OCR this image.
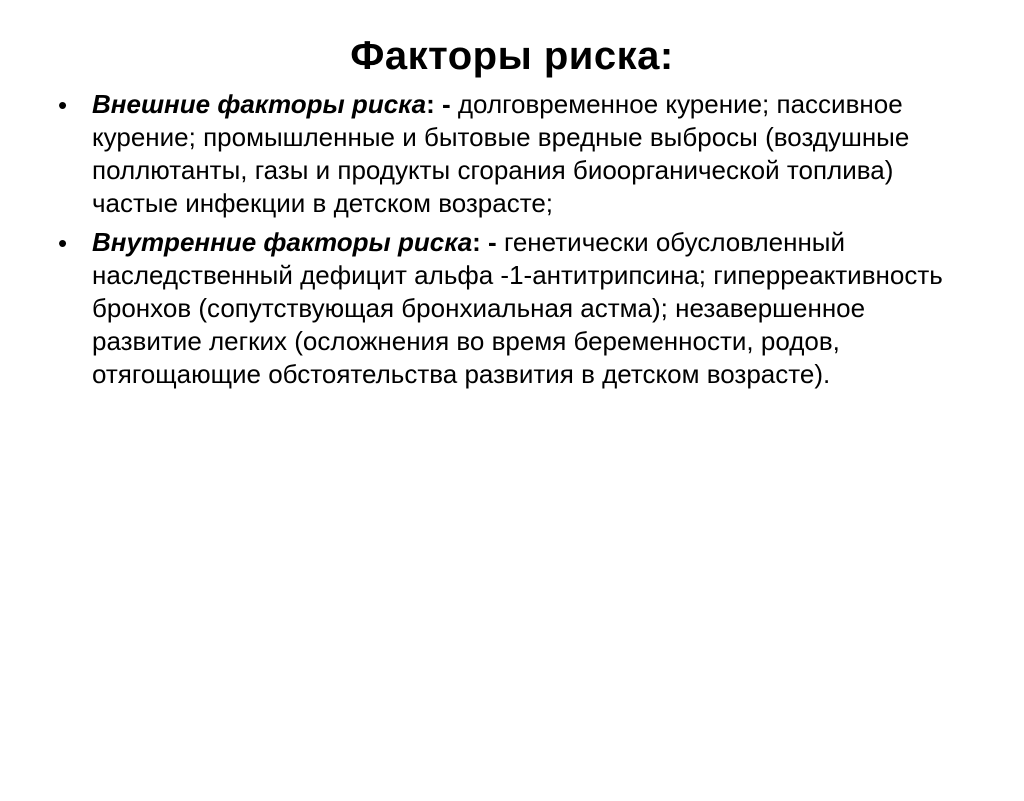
Факторы риска:
• Внешние факторы риска: - долговременное курение; пассивное курение; промышленные и бытовые вредные выбросы (воздушные поллютанты, газы и продукты сгорания биоорганической топлива) частые инфекции в детском возрасте;
• Внутренние факторы риска: - генетически обусловленный наследственный дефицит альфа -1-антитрипсина; гиперреактивность бронхов (сопутствующая бронхиальная астма); незавершенное развитие легких (осложнения во время беременности, родов, отягощающие обстоятельства развития в детском возрасте).
